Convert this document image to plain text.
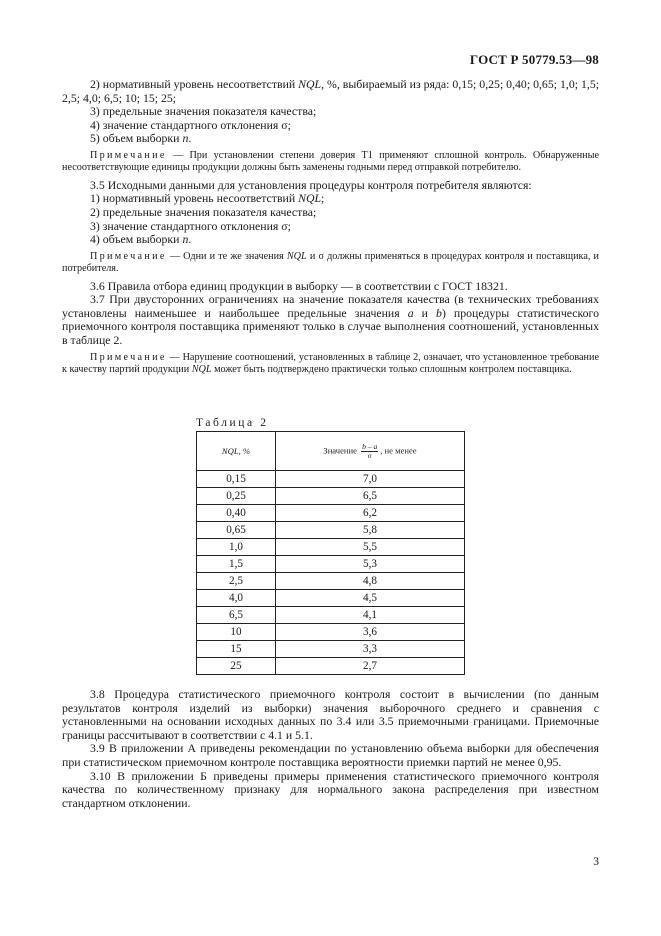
ГОСТ Р 50779.53—98

2) нормативный уровень несоответствий NQL, %, выбираемый из ряда: 0,15; 0,25; 0,40; 0,65; 1,0; 1,5; 2,5; 4,0; 6,5; 10; 15; 25;

3) предельные значения показателя качества;

4) значение стандартного отклонения σ;

5) объем выборки n.

Примечание — При установлении степени доверия Т1 применяют сплошной контроль. Обнаруженные несоответствующие единицы продукции должны быть заменены годными перед отправкой потребителю.

3.5 Исходными данными для установления процедуры контроля потребителя являются:

1) нормативный уровень несоответствий NQL;

2) предельные значения показателя качества;

3) значение стандартного отклонения σ;

4) объем выборки n.

Примечание — Одни и те же значения NQL и σ должны применяться в процедурах контроля и поставщика, и потребителя.

3.6 Правила отбора единиц продукции в выборку — в соответствии с ГОСТ 18321.

3.7 При двусторонних ограничениях на значение показателя качества (в технических требованиях установлены наименьшее и наибольшее предельные значения a и b) процедуры статистического приемочного контроля поставщика применяют только в случае выполнения соотношений, установленных в таблице 2.

Примечание — Нарушение соотношений, установленных в таблице 2, означает, что установленное требование к качеству партий продукции NQL может быть подтверждено практически только сплошным контролем поставщика.

Таблица 2
NQL, %	Значение $\frac{b - a}{\sigma}$ , не менее
0,15	7,0
0,25	6,5
0,40	6,2
0,65	5,8
1,0	5,5
1,5	5,3
2,5	4,8
4,0	4,5
6,5	4,1
10	3,6
15	3,3
25	2,7

3.8 Процедура статистического приемочного контроля состоит в вычислении (по данным результатов контроля изделий из выборки) значения выборочного среднего и сравнения с установленными на основании исходных данных по 3.4 или 3.5 приемочными границами. Приемочные границы рассчитывают в соответствии с 4.1 и 5.1.

3.9 В приложении А приведены рекомендации по установлению объема выборки для обеспечения при статистическом приемочном контроле поставщика вероятности приемки партий не менее 0,95.

3.10 В приложении Б приведены примеры применения статистического приемочного контроля качества по количественному признаку для нормального закона распределения при известном стандартном отклонении.

3
